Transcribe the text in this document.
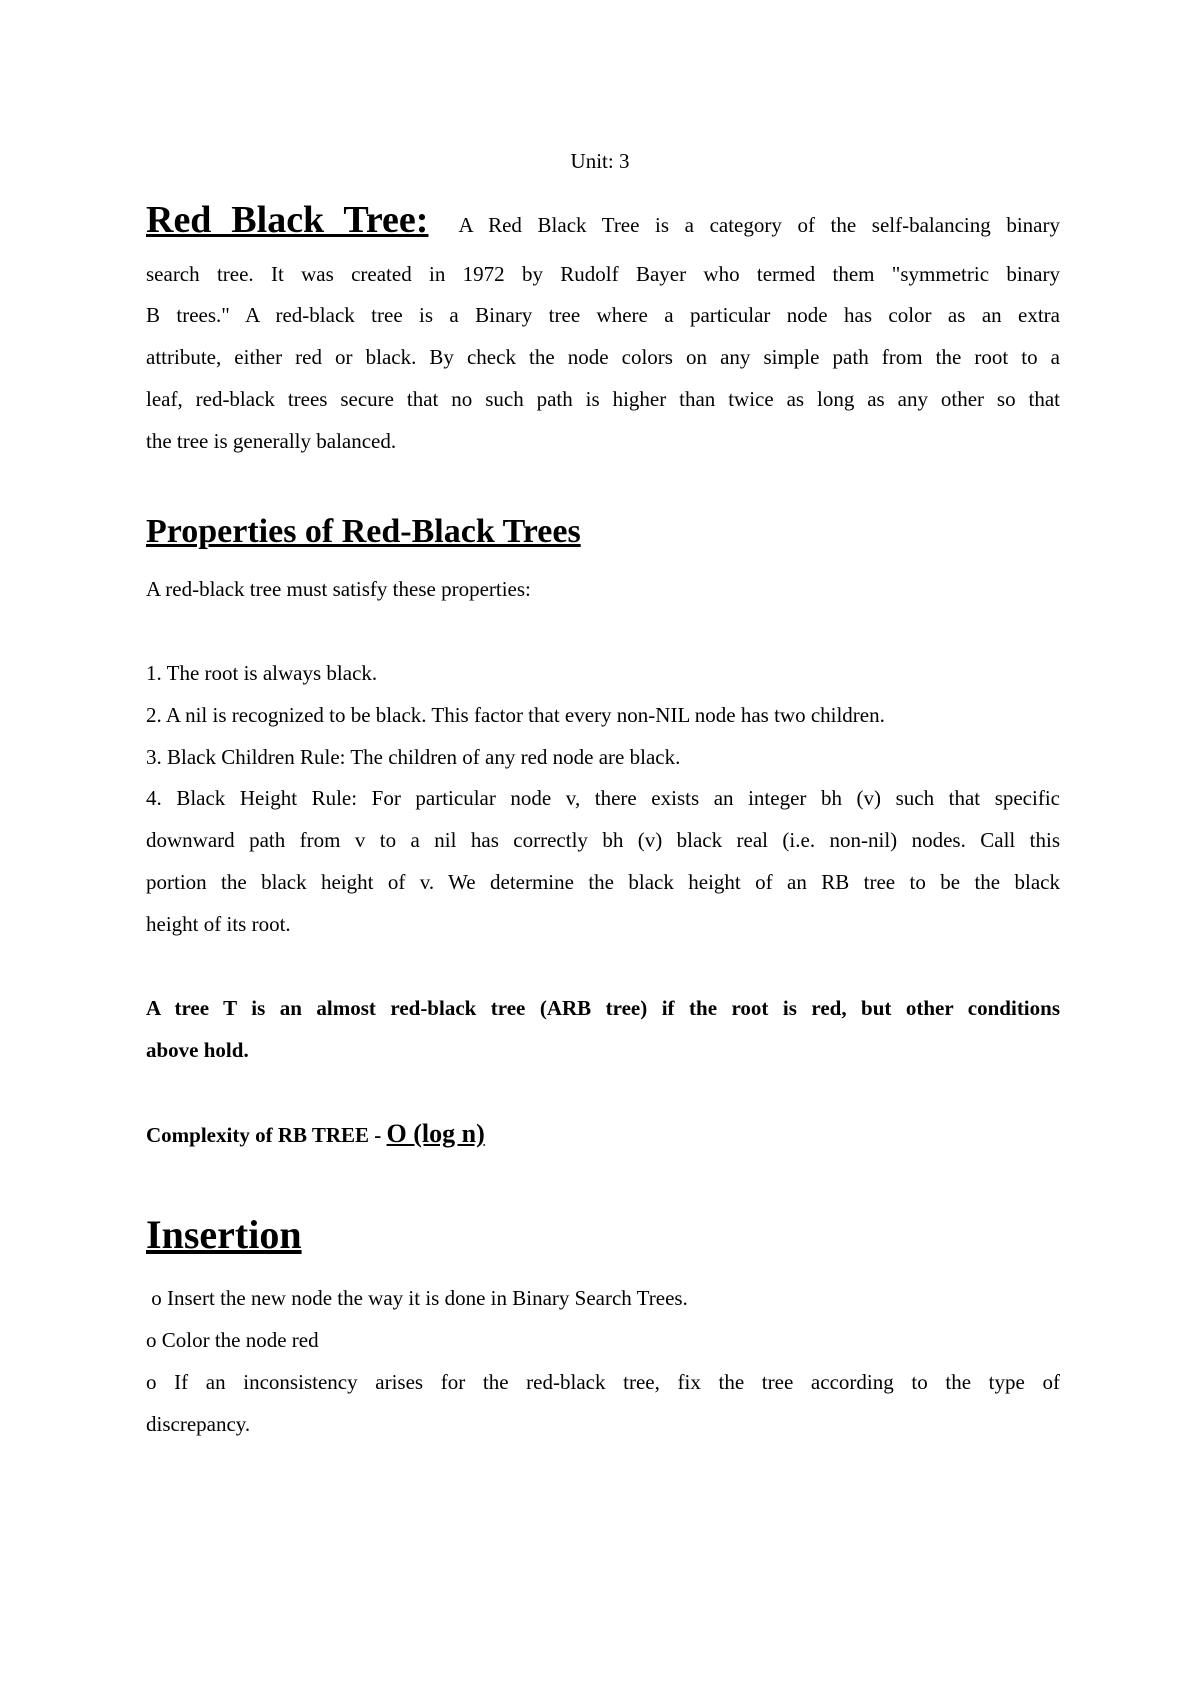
Unit: 3
Red Black Tree: A Red Black Tree is a category of the self-balancing binary
search tree. It was created in 1972 by Rudolf Bayer who termed them "symmetric binary
B trees." A red-black tree is a Binary tree where a particular node has color as an extra
attribute, either red or black. By check the node colors on any simple path from the root to a
leaf, red-black trees secure that no such path is higher than twice as long as any other so that
the tree is generally balanced.
Properties of Red-Black Trees
A red-black tree must satisfy these properties:
1. The root is always black.
2. A nil is recognized to be black. This factor that every non-NIL node has two children.
3. Black Children Rule: The children of any red node are black.
4. Black Height Rule: For particular node v, there exists an integer bh (v) such that specific
downward path from v to a nil has correctly bh (v) black real (i.e. non-nil) nodes. Call this
portion the black height of v. We determine the black height of an RB tree to be the black
height of its root.
A tree T is an almost red-black tree (ARB tree) if the root is red, but other conditions
above hold.
Complexity of RB TREE - O (log n)
Insertion
o Insert the new node the way it is done in Binary Search Trees.
o Color the node red
o If an inconsistency arises for the red-black tree, fix the tree according to the type of
discrepancy.
